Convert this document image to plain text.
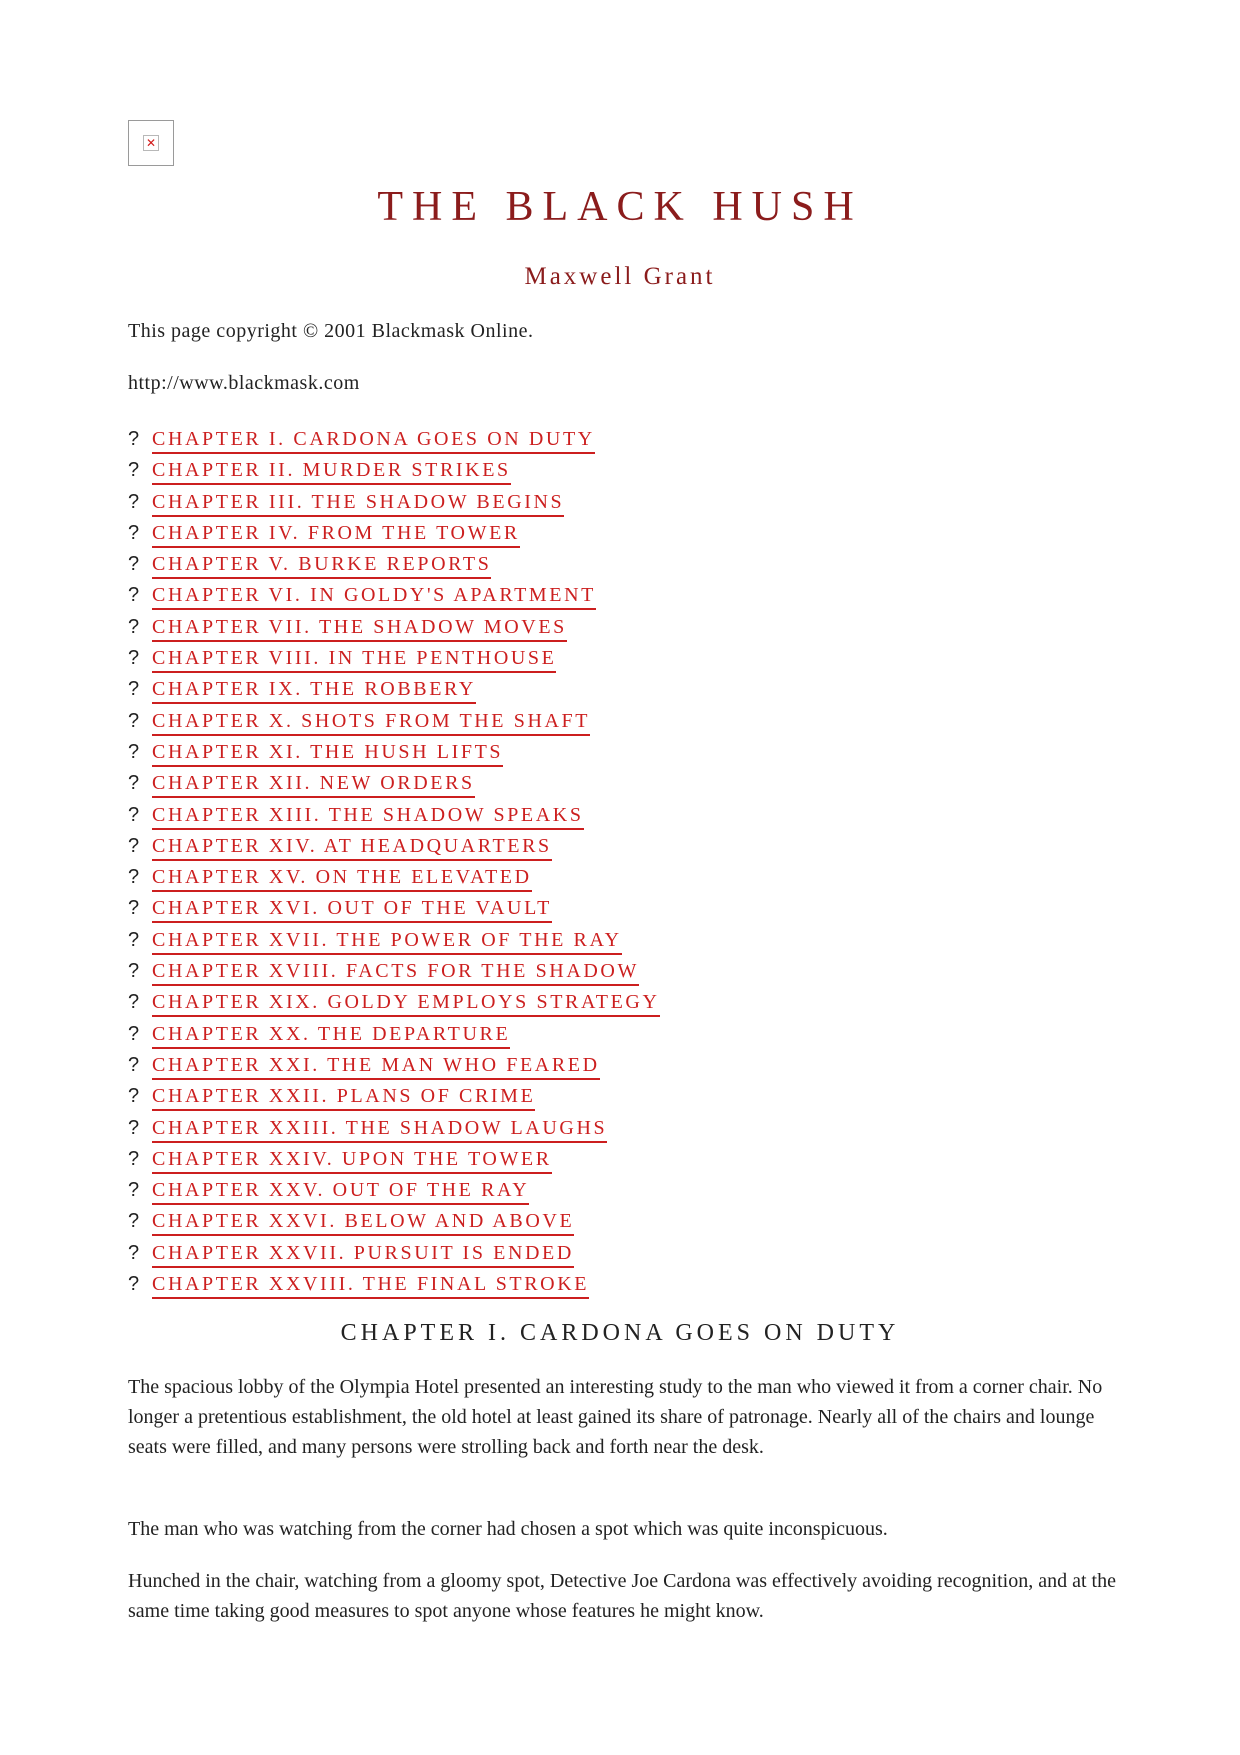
✕
THE BLACK HUSH
Maxwell Grant
This page copyright © 2001 Blackmask Online.
http://www.blackmask.com
? CHAPTER I. CARDONA GOES ON DUTY
? CHAPTER II. MURDER STRIKES
? CHAPTER III. THE SHADOW BEGINS
? CHAPTER IV. FROM THE TOWER
? CHAPTER V. BURKE REPORTS
? CHAPTER VI. IN GOLDY'S APARTMENT
? CHAPTER VII. THE SHADOW MOVES
? CHAPTER VIII. IN THE PENTHOUSE
? CHAPTER IX. THE ROBBERY
? CHAPTER X. SHOTS FROM THE SHAFT
? CHAPTER XI. THE HUSH LIFTS
? CHAPTER XII. NEW ORDERS
? CHAPTER XIII. THE SHADOW SPEAKS
? CHAPTER XIV. AT HEADQUARTERS
? CHAPTER XV. ON THE ELEVATED
? CHAPTER XVI. OUT OF THE VAULT
? CHAPTER XVII. THE POWER OF THE RAY
? CHAPTER XVIII. FACTS FOR THE SHADOW
? CHAPTER XIX. GOLDY EMPLOYS STRATEGY
? CHAPTER XX. THE DEPARTURE
? CHAPTER XXI. THE MAN WHO FEARED
? CHAPTER XXII. PLANS OF CRIME
? CHAPTER XXIII. THE SHADOW LAUGHS
? CHAPTER XXIV. UPON THE TOWER
? CHAPTER XXV. OUT OF THE RAY
? CHAPTER XXVI. BELOW AND ABOVE
? CHAPTER XXVII. PURSUIT IS ENDED
? CHAPTER XXVIII. THE FINAL STROKE
CHAPTER I. CARDONA GOES ON DUTY

The spacious lobby of the Olympia Hotel presented an interesting study to the man who viewed it from a corner chair. No longer a pretentious establishment, the old hotel at least gained its share of patronage. Nearly all of the chairs and lounge seats were filled, and many persons were strolling back and forth near the desk.

The man who was watching from the corner had chosen a spot which was quite inconspicuous.

Hunched in the chair, watching from a gloomy spot, Detective Joe Cardona was effectively avoiding recognition, and at the same time taking good measures to spot anyone whose features he might know.
